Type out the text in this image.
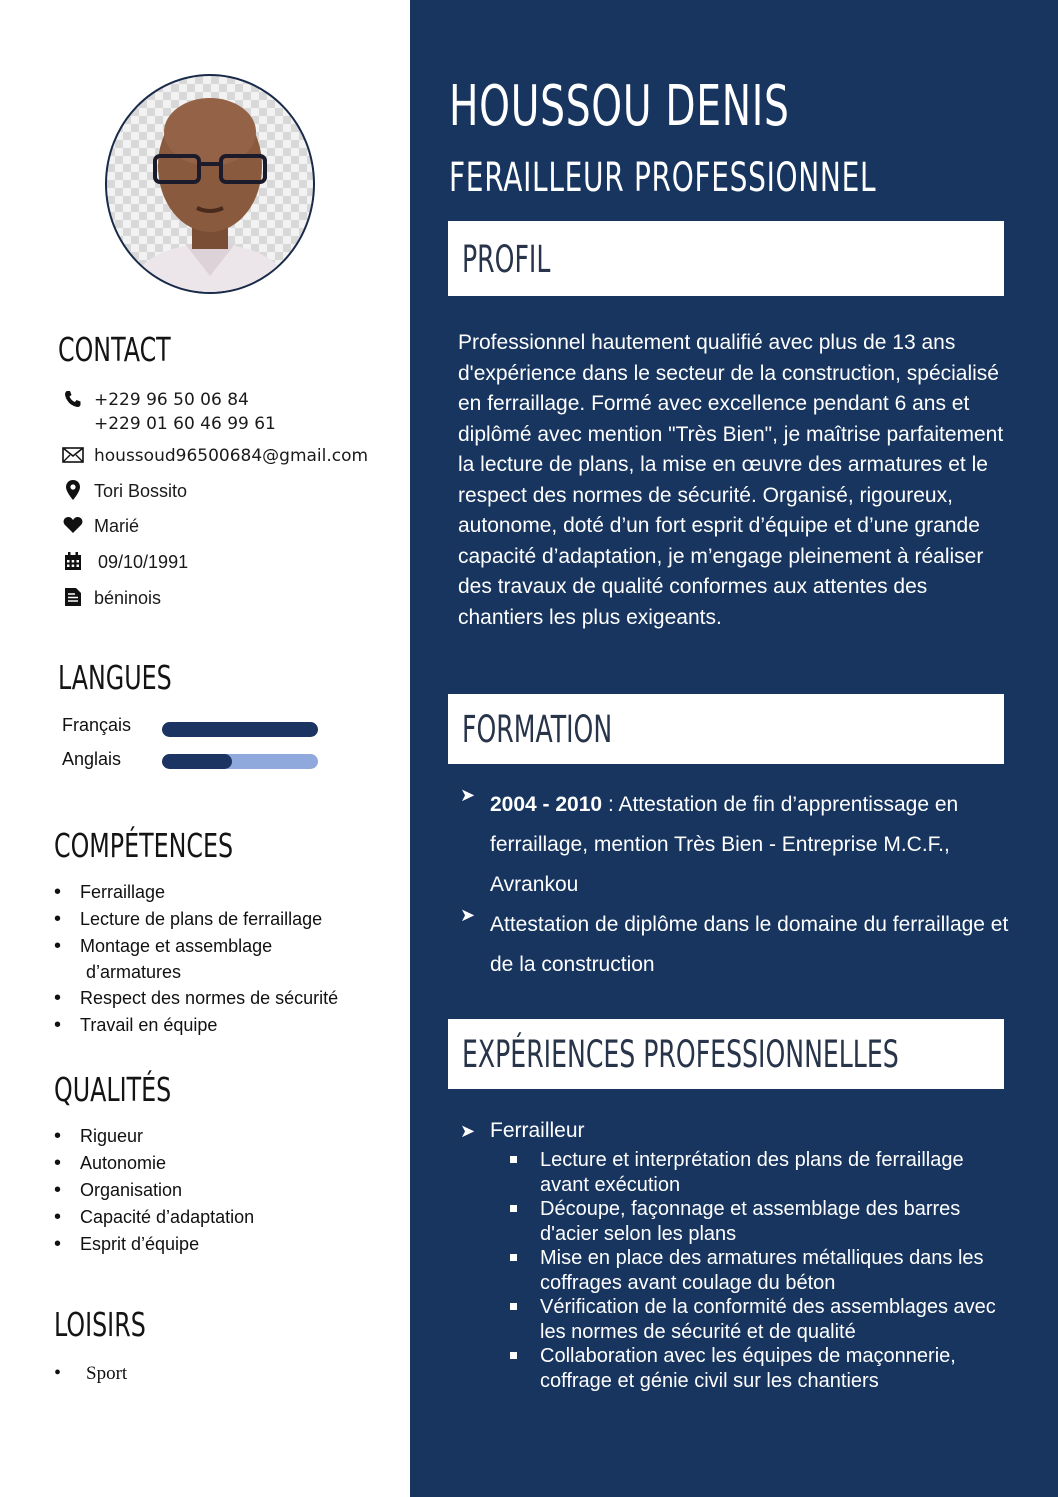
CONTACT
+229 96 50 06 84
+229 01 60 46 99 61
houssoud96500684@gmail.com
Tori Bossito
Marié
09/10/1991
béninois
LANGUES
Français
Anglais
COMPÉTENCES
• Ferraillage
• Lecture de plans de ferraillage
• Montage et assemblage
d’armatures
• Respect des normes de sécurité
• Travail en équipe
QUALITÉS
• Rigueur
• Autonomie
• Organisation
• Capacité d’adaptation
• Esprit d’équipe
LOISIRS
• Sport
HOUSSOU DENIS
FERAILLEUR PROFESSIONNEL
PROFIL
Professionnel hautement qualifié avec plus de 13 ans d'expérience dans le secteur de la construction, spécialisé en ferraillage. Formé avec excellence pendant 6 ans et diplômé avec mention "Très Bien", je maîtrise parfaitement la lecture de plans, la mise en œuvre des armatures et le respect des normes de sécurité. Organisé, rigoureux, autonome, doté d’un fort esprit d’équipe et d’une grande capacité d’adaptation, je m’engage pleinement à réaliser des travaux de qualité conformes aux attentes des chantiers les plus exigeants.
FORMATION
➤ 2004 - 2010 : Attestation de fin d’apprentissage en ferraillage, mention Très Bien - Entreprise M.C.F., Avrankou
➤ Attestation de diplôme dans le domaine du ferraillage et de la construction
EXPÉRIENCES PROFESSIONNELLES
➤ Ferrailleur
Lecture et interprétation des plans de ferraillage avant exécution
Découpe, façonnage et assemblage des barres d'acier selon les plans
Mise en place des armatures métalliques dans les coffrages avant coulage du béton
Vérification de la conformité des assemblages avec les normes de sécurité et de qualité
Collaboration avec les équipes de maçonnerie, coffrage et génie civil sur les chantiers
